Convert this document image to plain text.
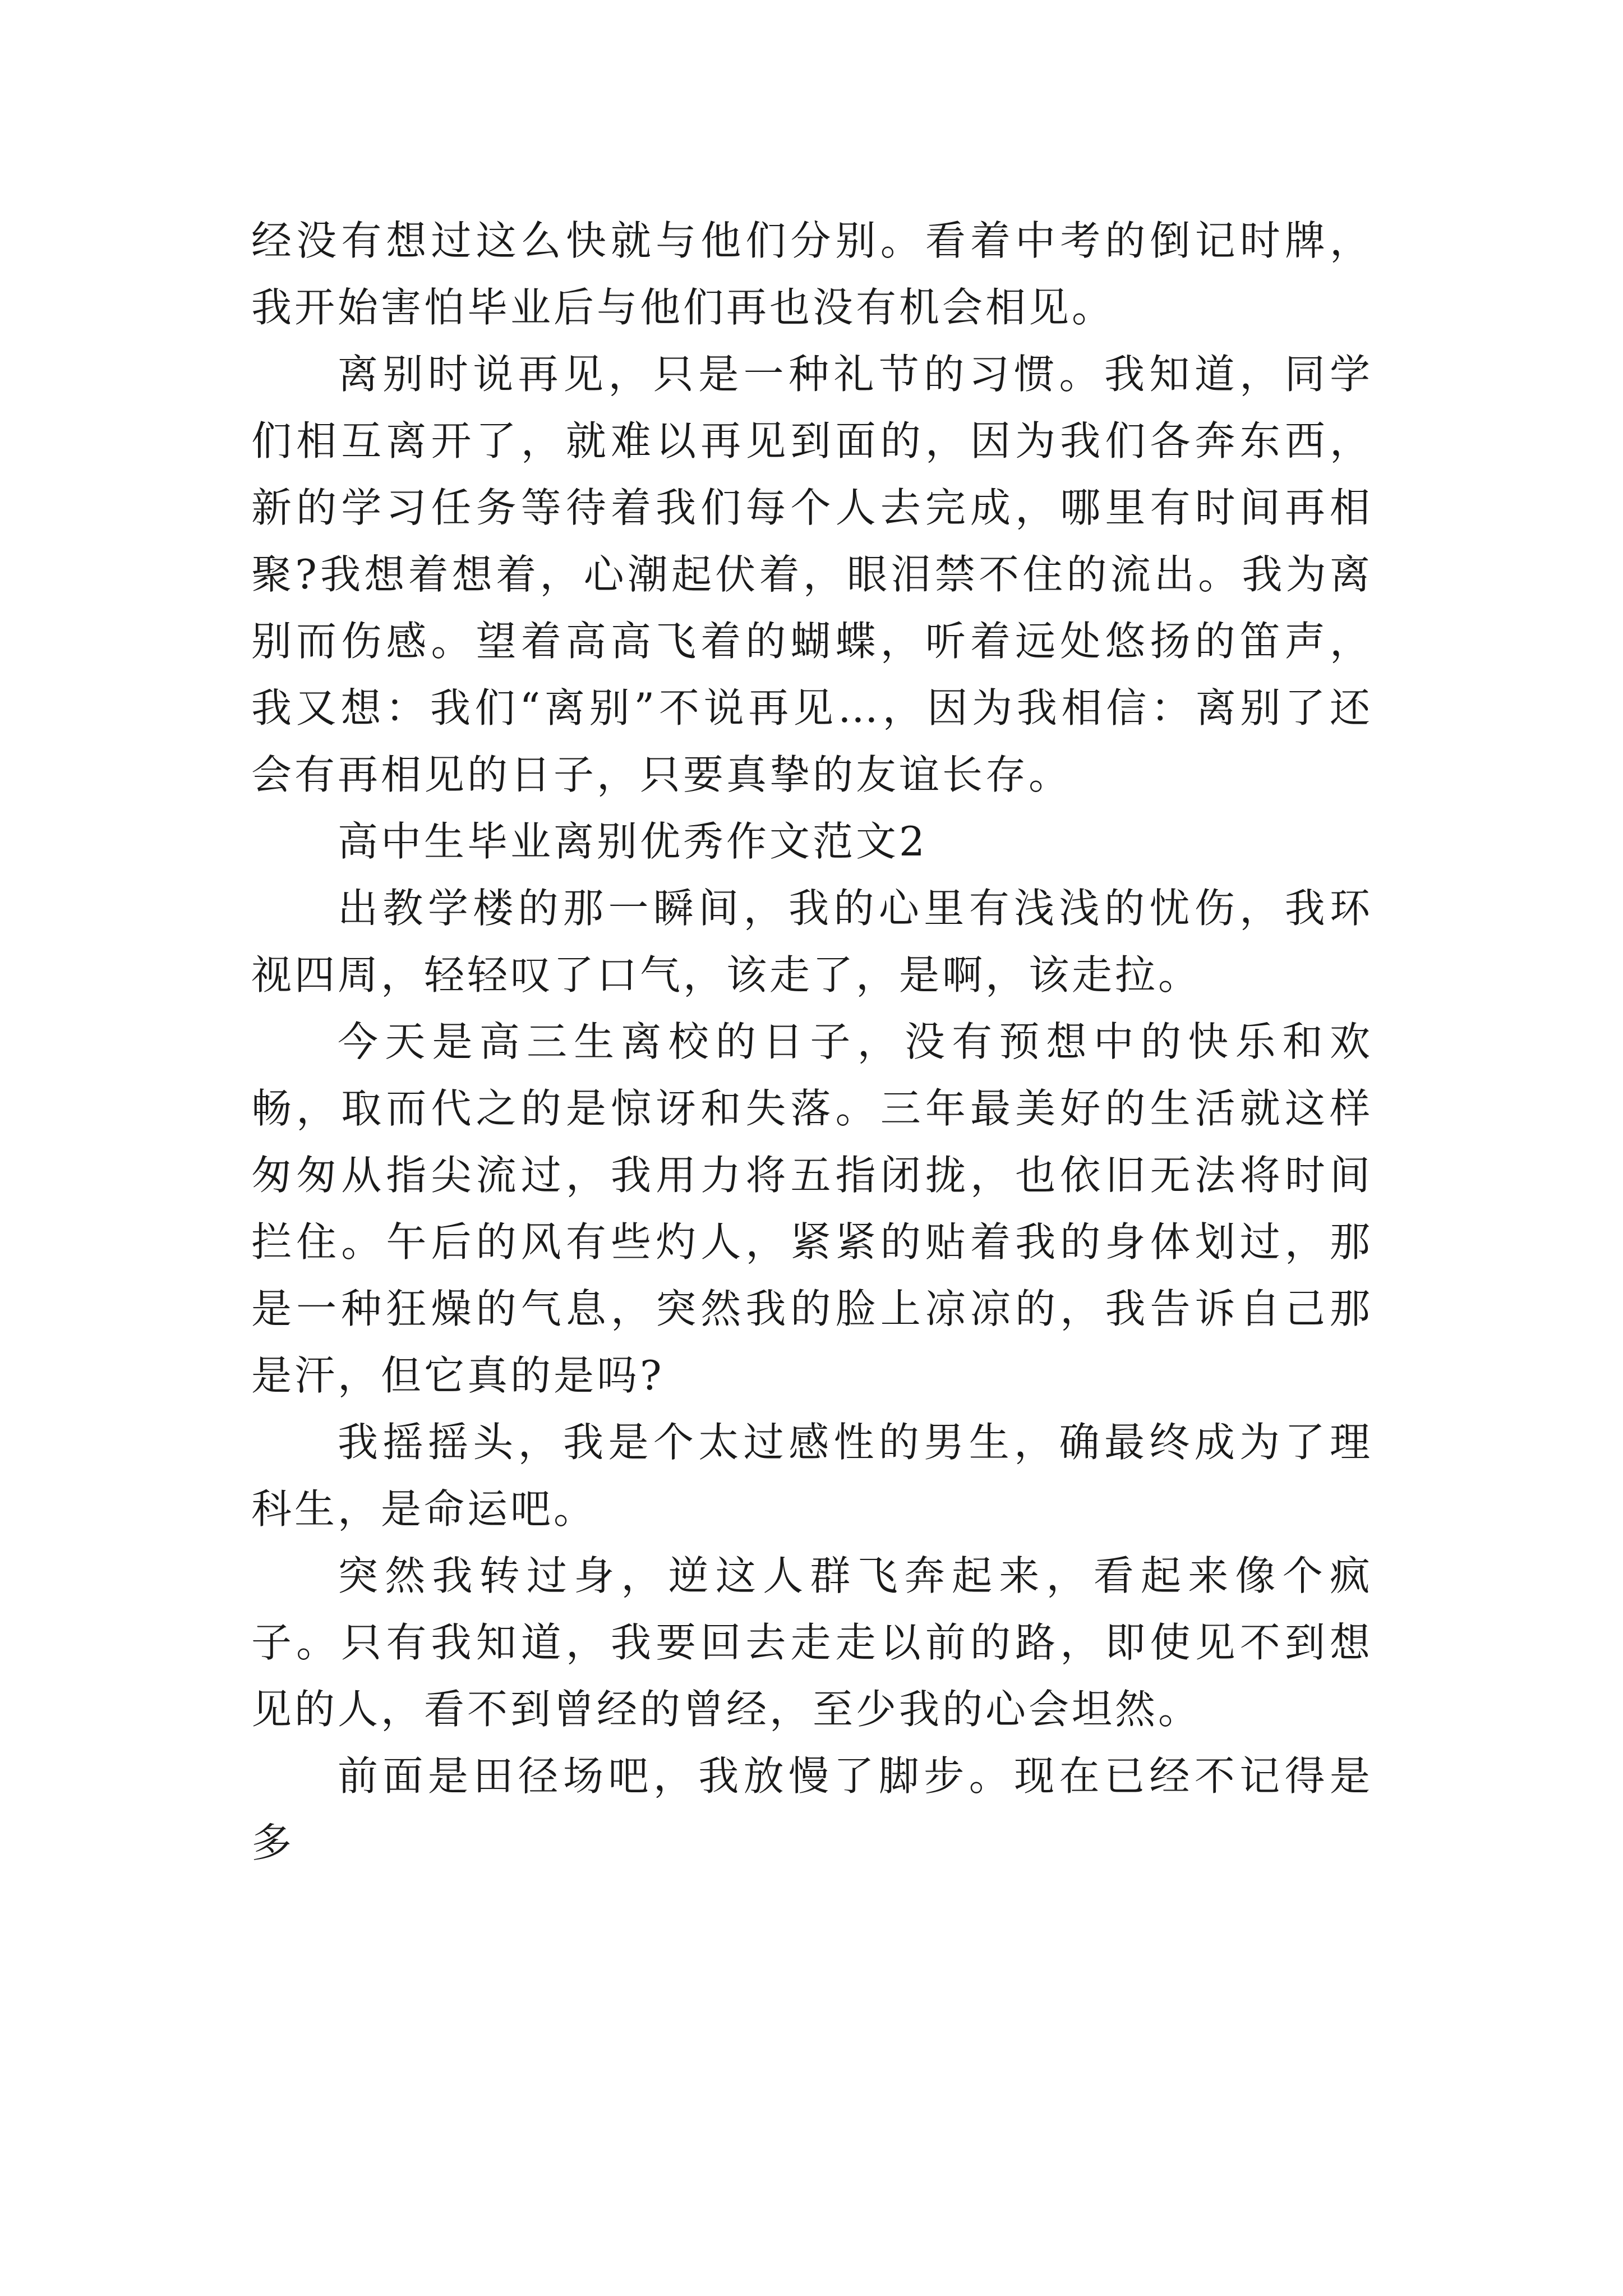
经没有想过这么快就与他们分别。看着中考的倒记时牌，我开始害怕毕业后与他们再也没有机会相见。

离别时说再见，只是一种礼节的习惯。我知道，同学们相互离开了，就难以再见到面的，因为我们各奔东西，新的学习任务等待着我们每个人去完成，哪里有时间再相聚?我想着想着，心潮起伏着，眼泪禁不住的流出。我为离别而伤感。望着高高飞着的蝴蝶，听着远处悠扬的笛声，我又想：我们“离别”不说再见…，因为我相信：离别了还会有再相见的日子，只要真挚的友谊长存。

高中生毕业离别优秀作文范文2

出教学楼的那一瞬间，我的心里有浅浅的忧伤，我环视四周，轻轻叹了口气，该走了，是啊，该走拉。

今天是高三生离校的日子，没有预想中的快乐和欢畅，取而代之的是惊讶和失落。三年最美好的生活就这样匆匆从指尖流过，我用力将五指闭拢，也依旧无法将时间拦住。午后的风有些灼人，紧紧的贴着我的身体划过，那是一种狂燥的气息，突然我的脸上凉凉的，我告诉自己那是汗，但它真的是吗?

我摇摇头，我是个太过感性的男生，确最终成为了理科生，是命运吧。

突然我转过身，逆这人群飞奔起来，看起来像个疯子。只有我知道，我要回去走走以前的路，即使见不到想见的人，看不到曾经的曾经，至少我的心会坦然。

前面是田径场吧，我放慢了脚步。现在已经不记得是多
